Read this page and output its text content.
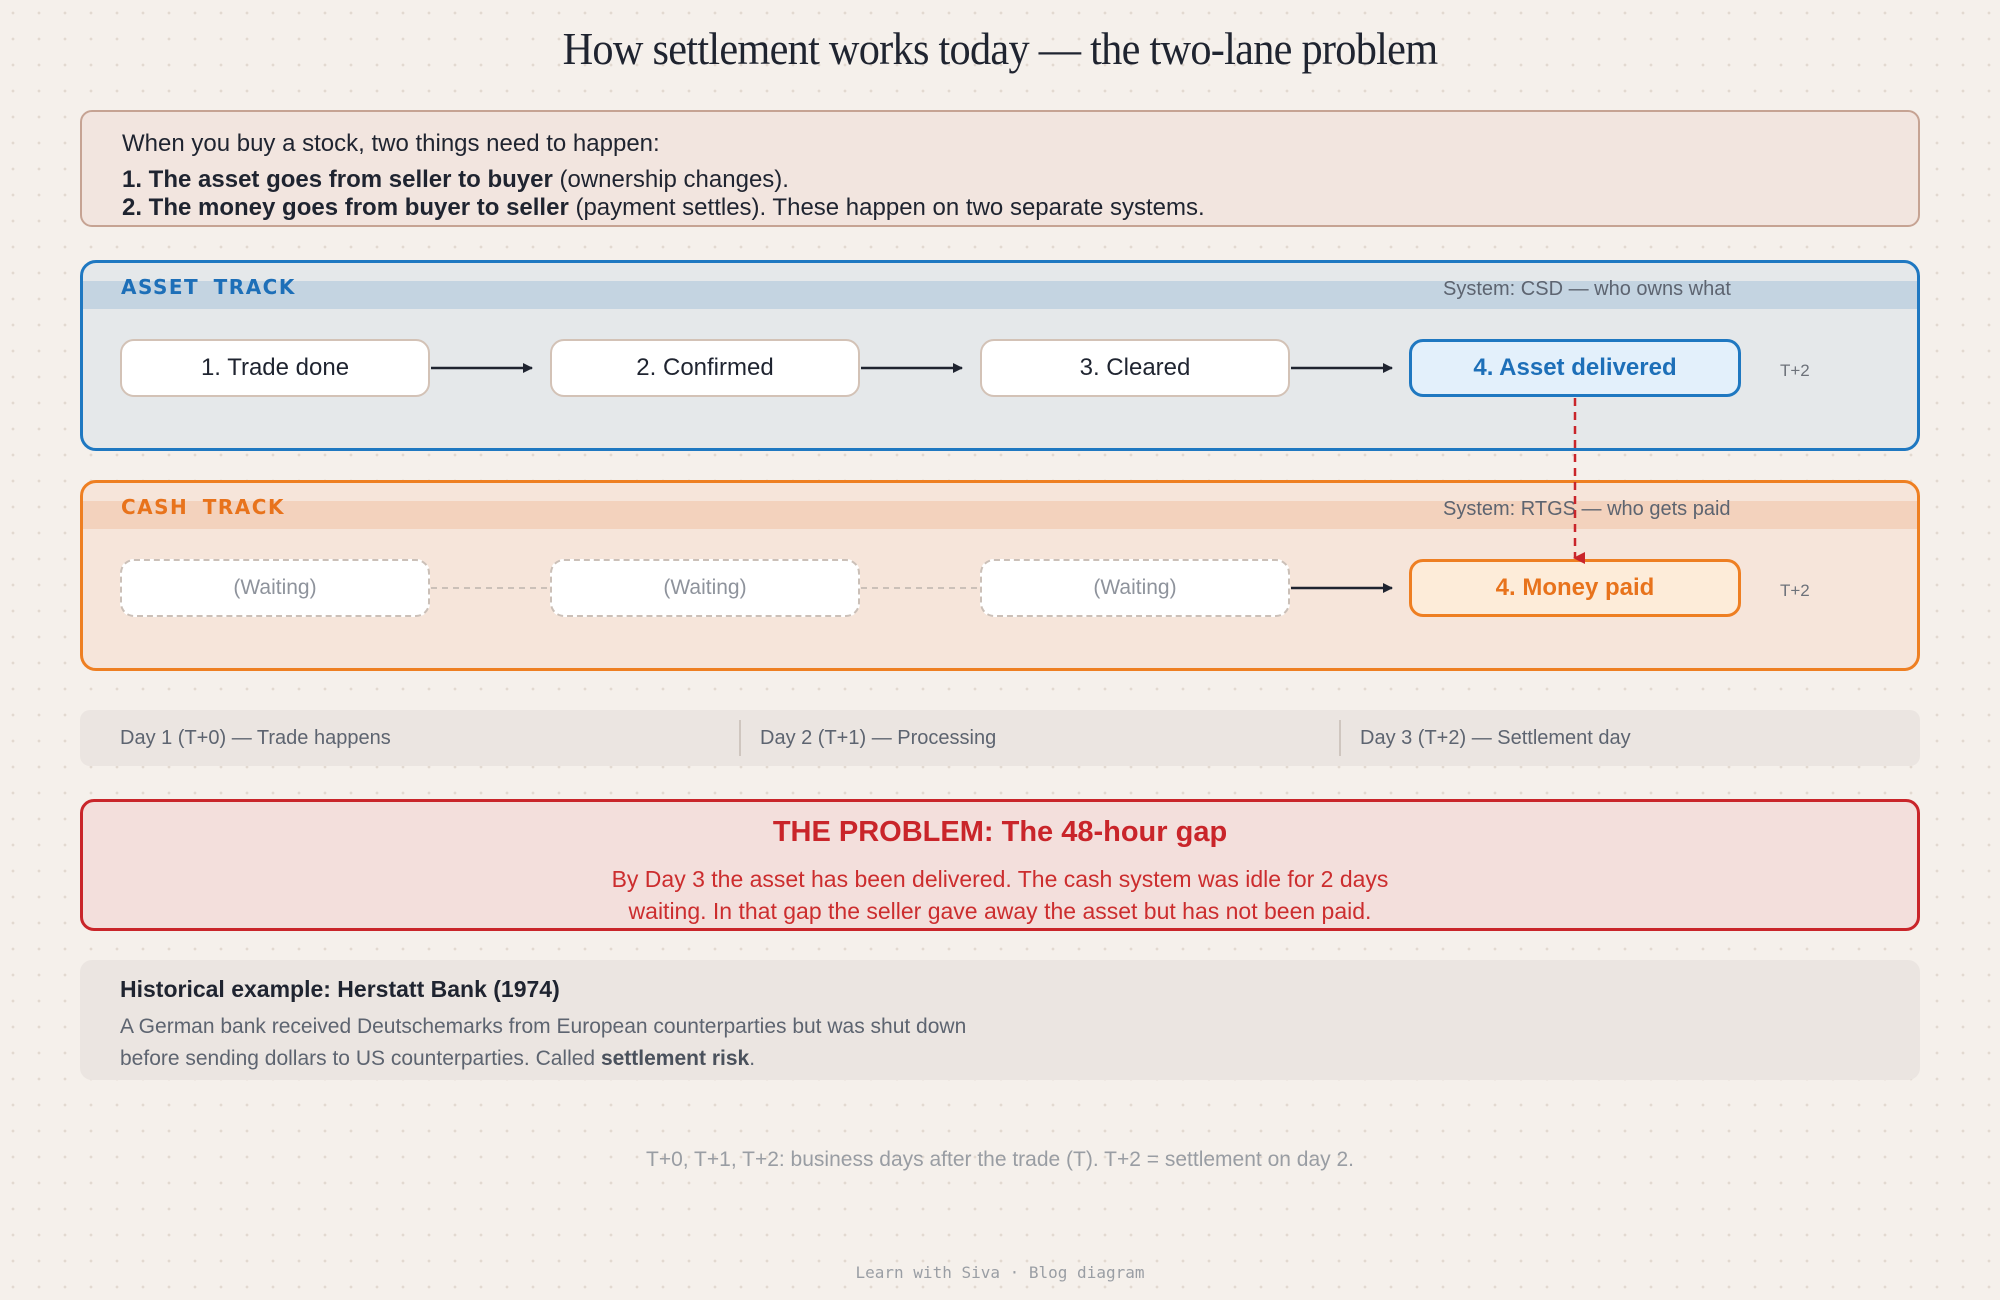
How settlement works today — the two-lane problem
When you buy a stock, two things need to happen:
1. The asset goes from seller to buyer (ownership changes).
2. The money goes from buyer to seller (payment settles). These happen on two separate systems.
ASSET TRACK	System: CSD — who owns what
1. Trade done	2. Confirmed	3. Cleared	4. Asset delivered	T+2
CASH TRACK	System: RTGS — who gets paid
(Waiting)	(Waiting)	(Waiting)	4. Money paid	T+2
Day 1 (T+0) — Trade happens	Day 2 (T+1) — Processing	Day 3 (T+2) — Settlement day
THE PROBLEM: The 48-hour gap
By Day 3 the asset has been delivered. The cash system was idle for 2 days
waiting. In that gap the seller gave away the asset but has not been paid.
Historical example: Herstatt Bank (1974)
A German bank received Deutschemarks from European counterparties but was shut down
before sending dollars to US counterparties. Called settlement risk.
T+0, T+1, T+2: business days after the trade (T). T+2 = settlement on day 2.
Learn with Siva · Blog diagram
